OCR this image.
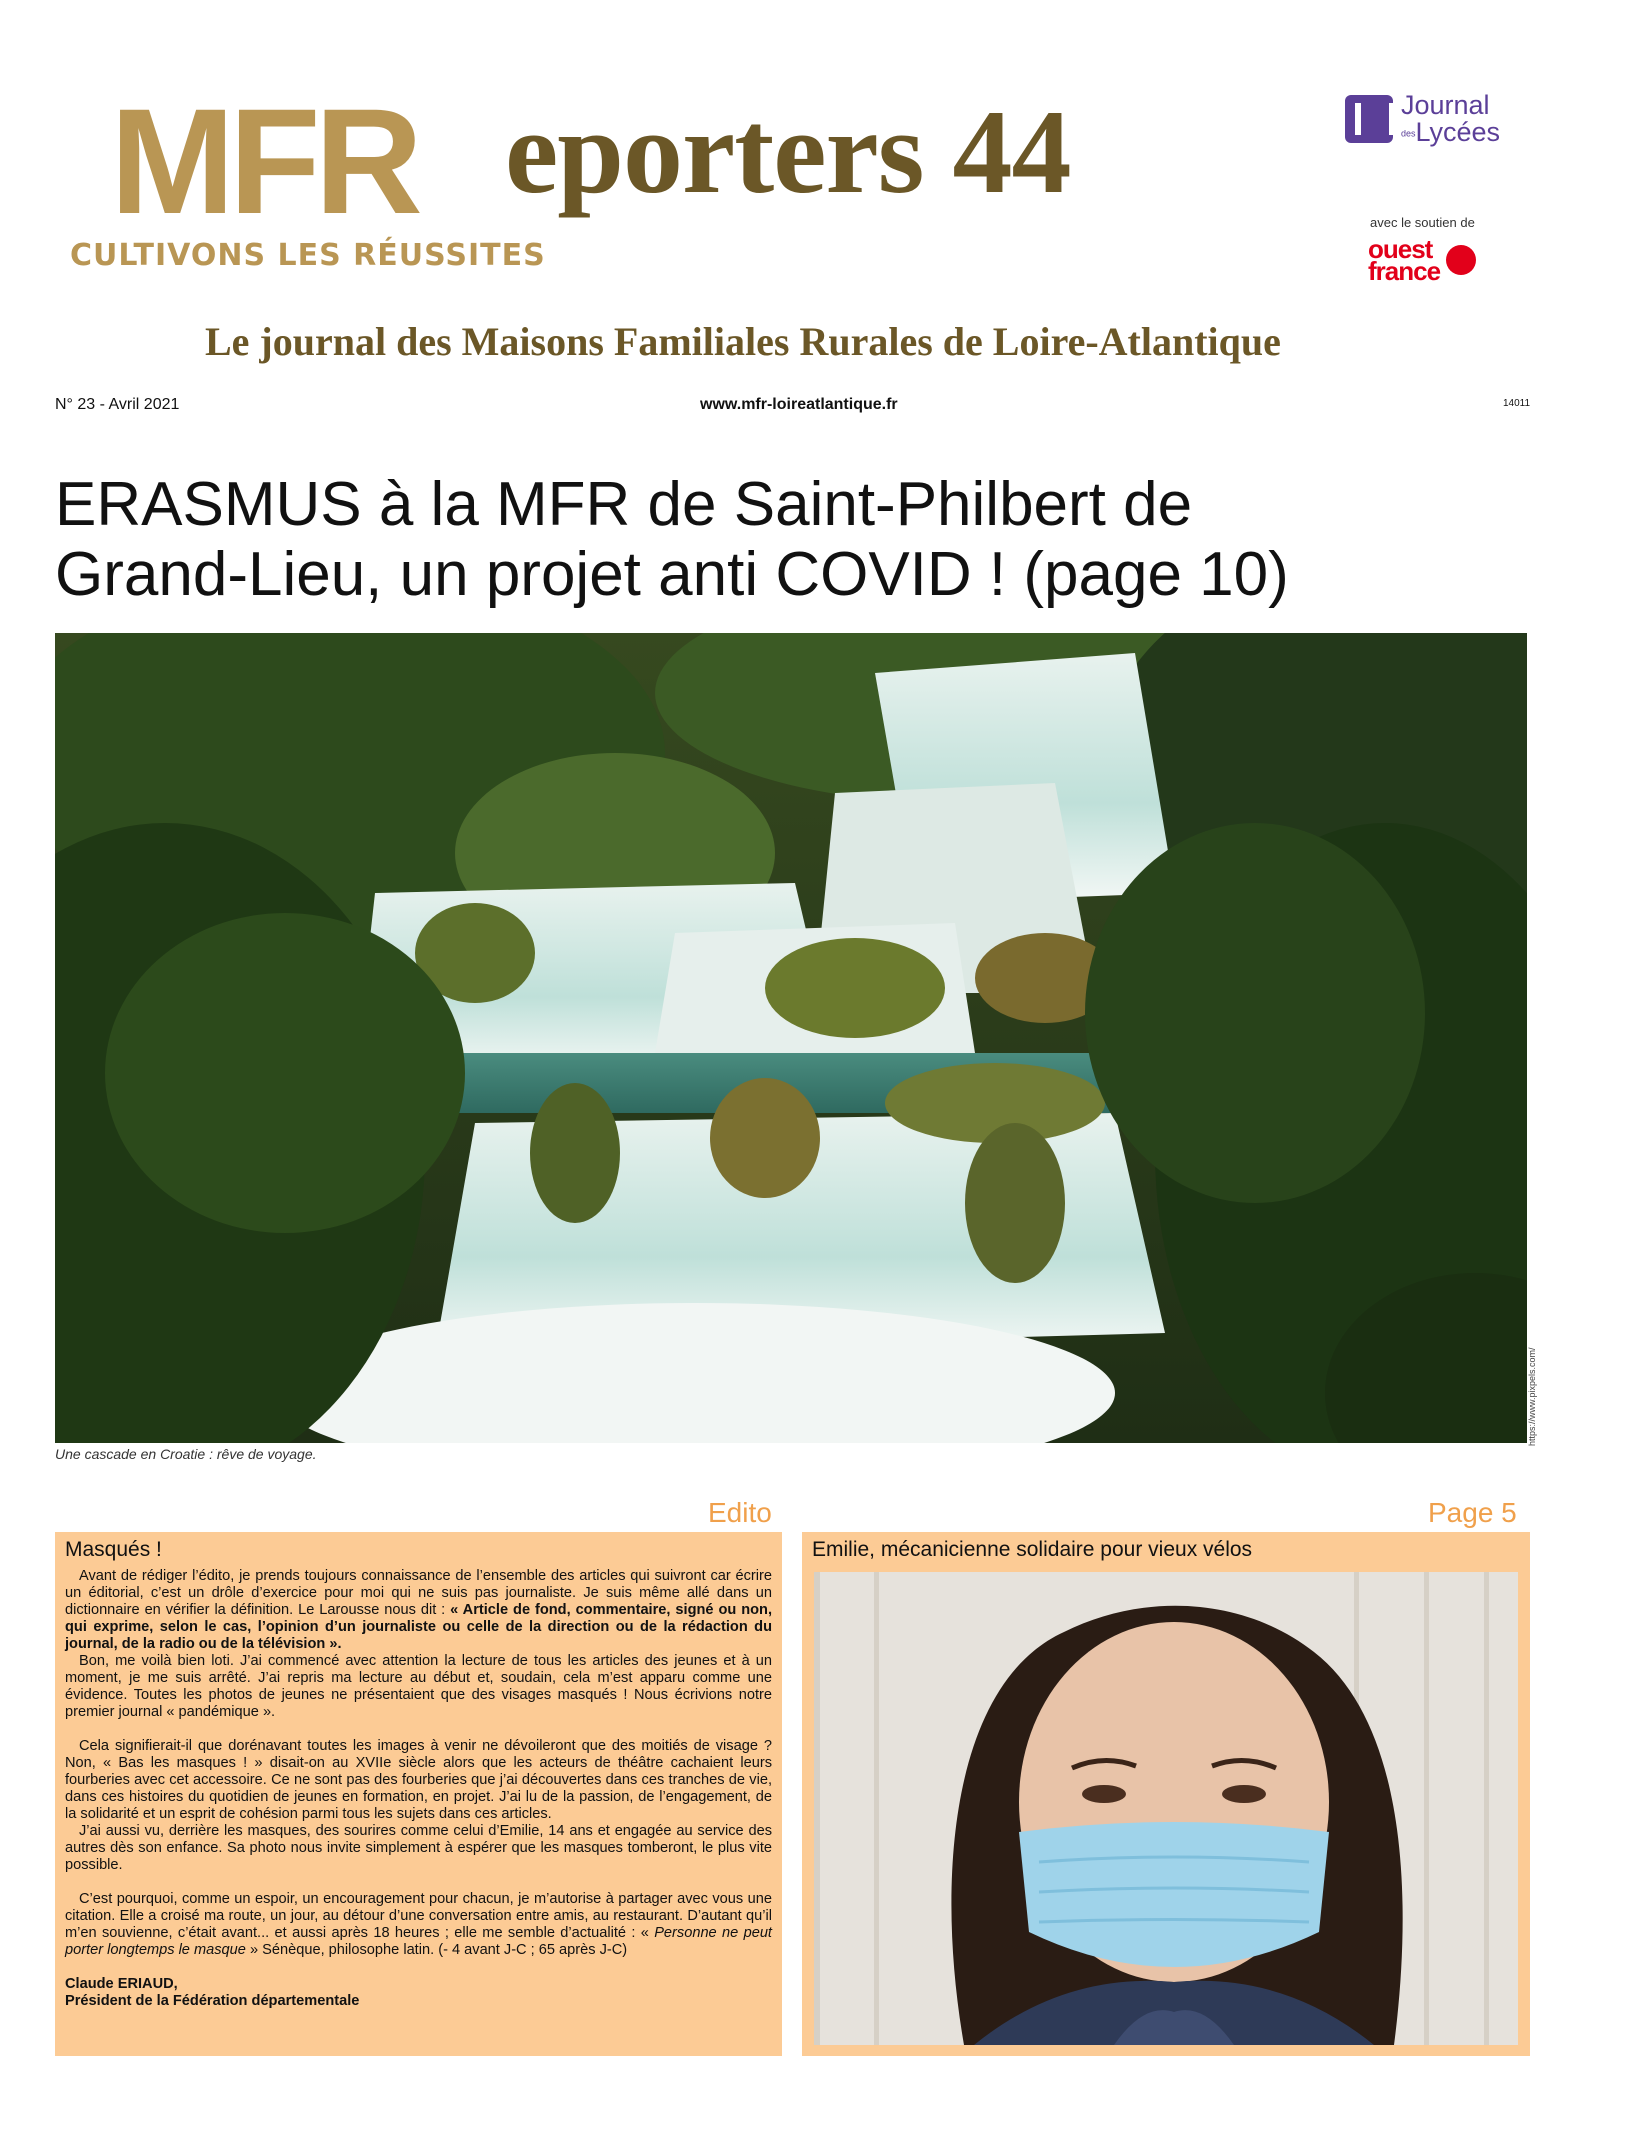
MFR eporters 44
CULTIVONS LES RÉUSSITES
Le journal des Maisons Familiales Rurales de Loire-Atlantique
Journal
desLycées
avec le soutien de
ouest
france
N° 23 - Avril 2021	www.mfr-loireatlantique.fr	14011
ERASMUS à la MFR de Saint-Philbert de
Grand-Lieu, un projet anti COVID ! (page 10)
https://www.pixpels.com/
Une cascade en Croatie : rêve de voyage.
Edito
Masqués !

Avant de rédiger l’édito, je prends toujours connaissance de l’ensemble des articles qui suivront car écrire un éditorial, c’est un drôle d’exercice pour moi qui ne suis pas journaliste. Je suis même allé dans un dictionnaire en vérifier la définition. Le Larousse nous dit : « Article de fond, commentaire, signé ou non, qui exprime, selon le cas, l’opinion d’un journaliste ou celle de la direction ou de la rédaction du journal, de la radio ou de la télévision ».

Bon, me voilà bien loti. J’ai commencé avec attention la lecture de tous les articles des jeunes et à un moment, je me suis arrêté. J’ai repris ma lecture au début et, soudain, cela m’est apparu comme une évidence. Toutes les photos de jeunes ne présentaient que des visages masqués ! Nous écrivions notre premier journal « pandémique ».

Cela signifierait-il que dorénavant toutes les images à venir ne dévoileront que des moitiés de visage ? Non, « Bas les masques ! » disait-on au XVIIe siècle alors que les acteurs de théâtre cachaient leurs fourberies avec cet accessoire. Ce ne sont pas des fourberies que j’ai découvertes dans ces tranches de vie, dans ces histoires du quotidien de jeunes en formation, en projet. J’ai lu de la passion, de l’engagement, de la solidarité et un esprit de cohésion parmi tous les sujets dans ces articles.

J’ai aussi vu, derrière les masques, des sourires comme celui d’Emilie, 14 ans et engagée au service des autres dès son enfance. Sa photo nous invite simplement à espérer que les masques tomberont, le plus vite possible.

C’est pourquoi, comme un espoir, un encouragement pour chacun, je m’autorise à partager avec vous une citation. Elle a croisé ma route, un jour, au détour d’une conversation entre amis, au restaurant. D’autant qu’il m’en souvienne, c’était avant... et aussi après 18 heures ; elle me semble d’actualité : « Personne ne peut porter longtemps le masque » Sénèque, philosophe latin. (- 4 avant J-C ; 65 après J-C)

Claude ERIAUD,
Président de la Fédération départementale
Page 5
Emilie, mécanicienne solidaire pour vieux vélos
